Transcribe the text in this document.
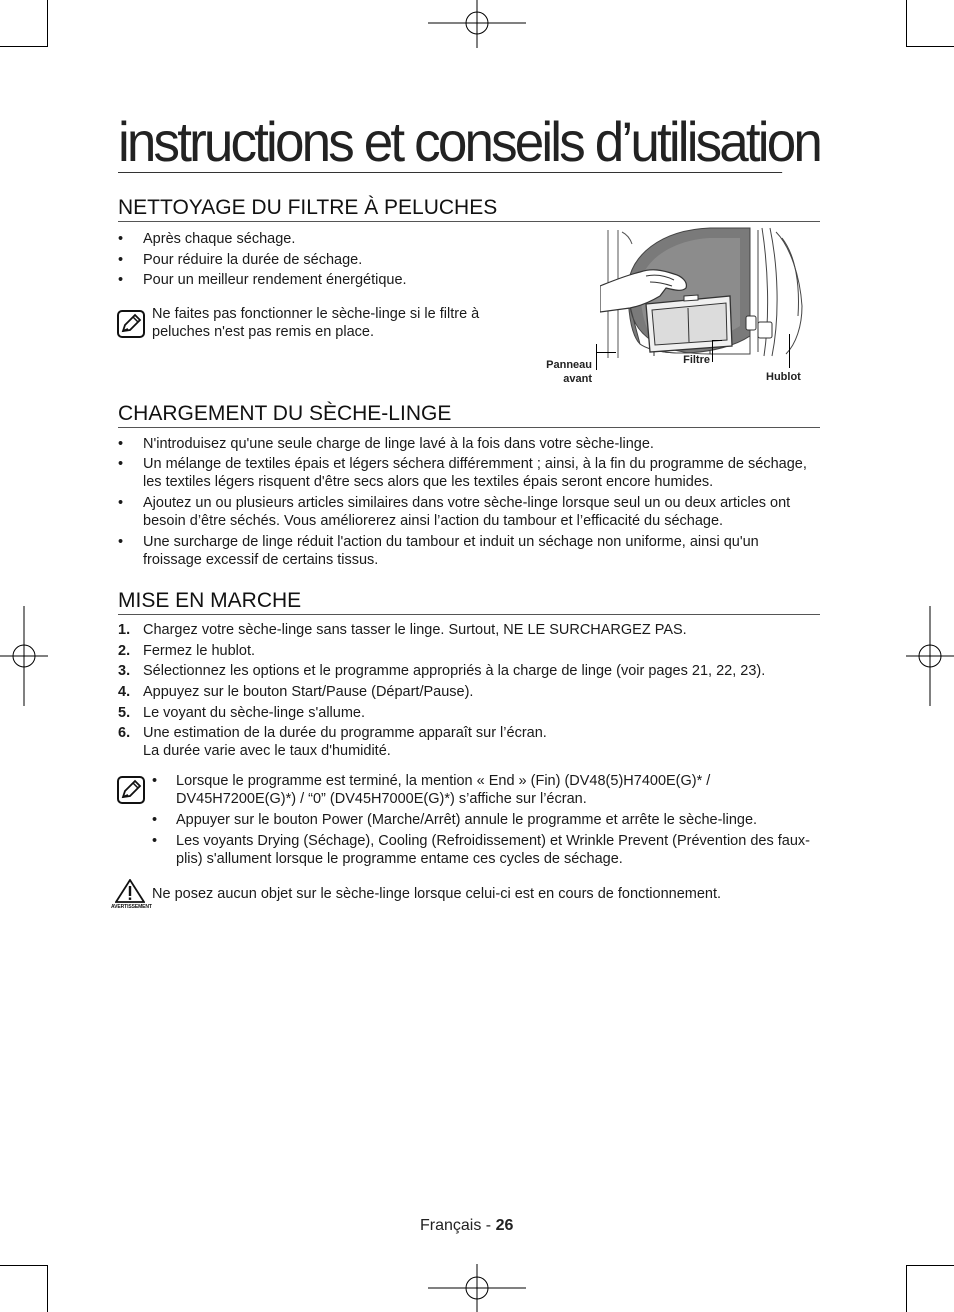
instructions et conseils d’utilisation
NETTOYAGE DU FILTRE À PELUCHES
• Après chaque séchage.
• Pour réduire la durée de séchage.
• Pour un meilleur rendement énergétique.
Ne faites pas fonctionner le sèche-linge si le filtre à peluches n'est pas remis en place.
Panneau
avant
Filtre
Hublot
CHARGEMENT DU SÈCHE-LINGE
• N'introduisez qu'une seule charge de linge lavé à la fois dans votre sèche-linge.
• Un mélange de textiles épais et légers séchera différemment ; ainsi, à la fin du programme de séchage, les textiles légers risquent d'être secs alors que les textiles épais seront encore humides.
• Ajoutez un ou plusieurs articles similaires dans votre sèche-linge lorsque seul un ou deux articles ont besoin d’être séchés. Vous améliorerez ainsi l’action du tambour et l’efficacité du séchage.
• Une surcharge de linge réduit l'action du tambour et induit un séchage non uniforme, ainsi qu'un froissage excessif de certains tissus.
MISE EN MARCHE
1. Chargez votre sèche-linge sans tasser le linge. Surtout, NE LE SURCHARGEZ PAS.
2. Fermez le hublot.
3. Sélectionnez les options et le programme appropriés à la charge de linge (voir pages 21, 22, 23).
4. Appuyez sur le bouton Start/Pause (Départ/Pause).
5. Le voyant du sèche-linge s'allume.
6. Une estimation de la durée du programme apparaît sur l’écran.
La durée varie avec le taux d'humidité.
• Lorsque le programme est terminé, la mention « End » (Fin) (DV48(5)H7400E(G)* / DV45H7200E(G)*) / “0” (DV45H7000E(G)*) s’affiche sur l’écran.
• Appuyer sur le bouton Power (Marche/Arrêt) annule le programme et arrête le sèche-linge.
• Les voyants Drying (Séchage), Cooling (Refroidissement) et Wrinkle Prevent (Prévention des faux-plis) s'allument lorsque le programme entame ces cycles de séchage.
AVERTISSEMENT
Ne posez aucun objet sur le sèche-linge lorsque celui-ci est en cours de fonctionnement.
Français - 26
